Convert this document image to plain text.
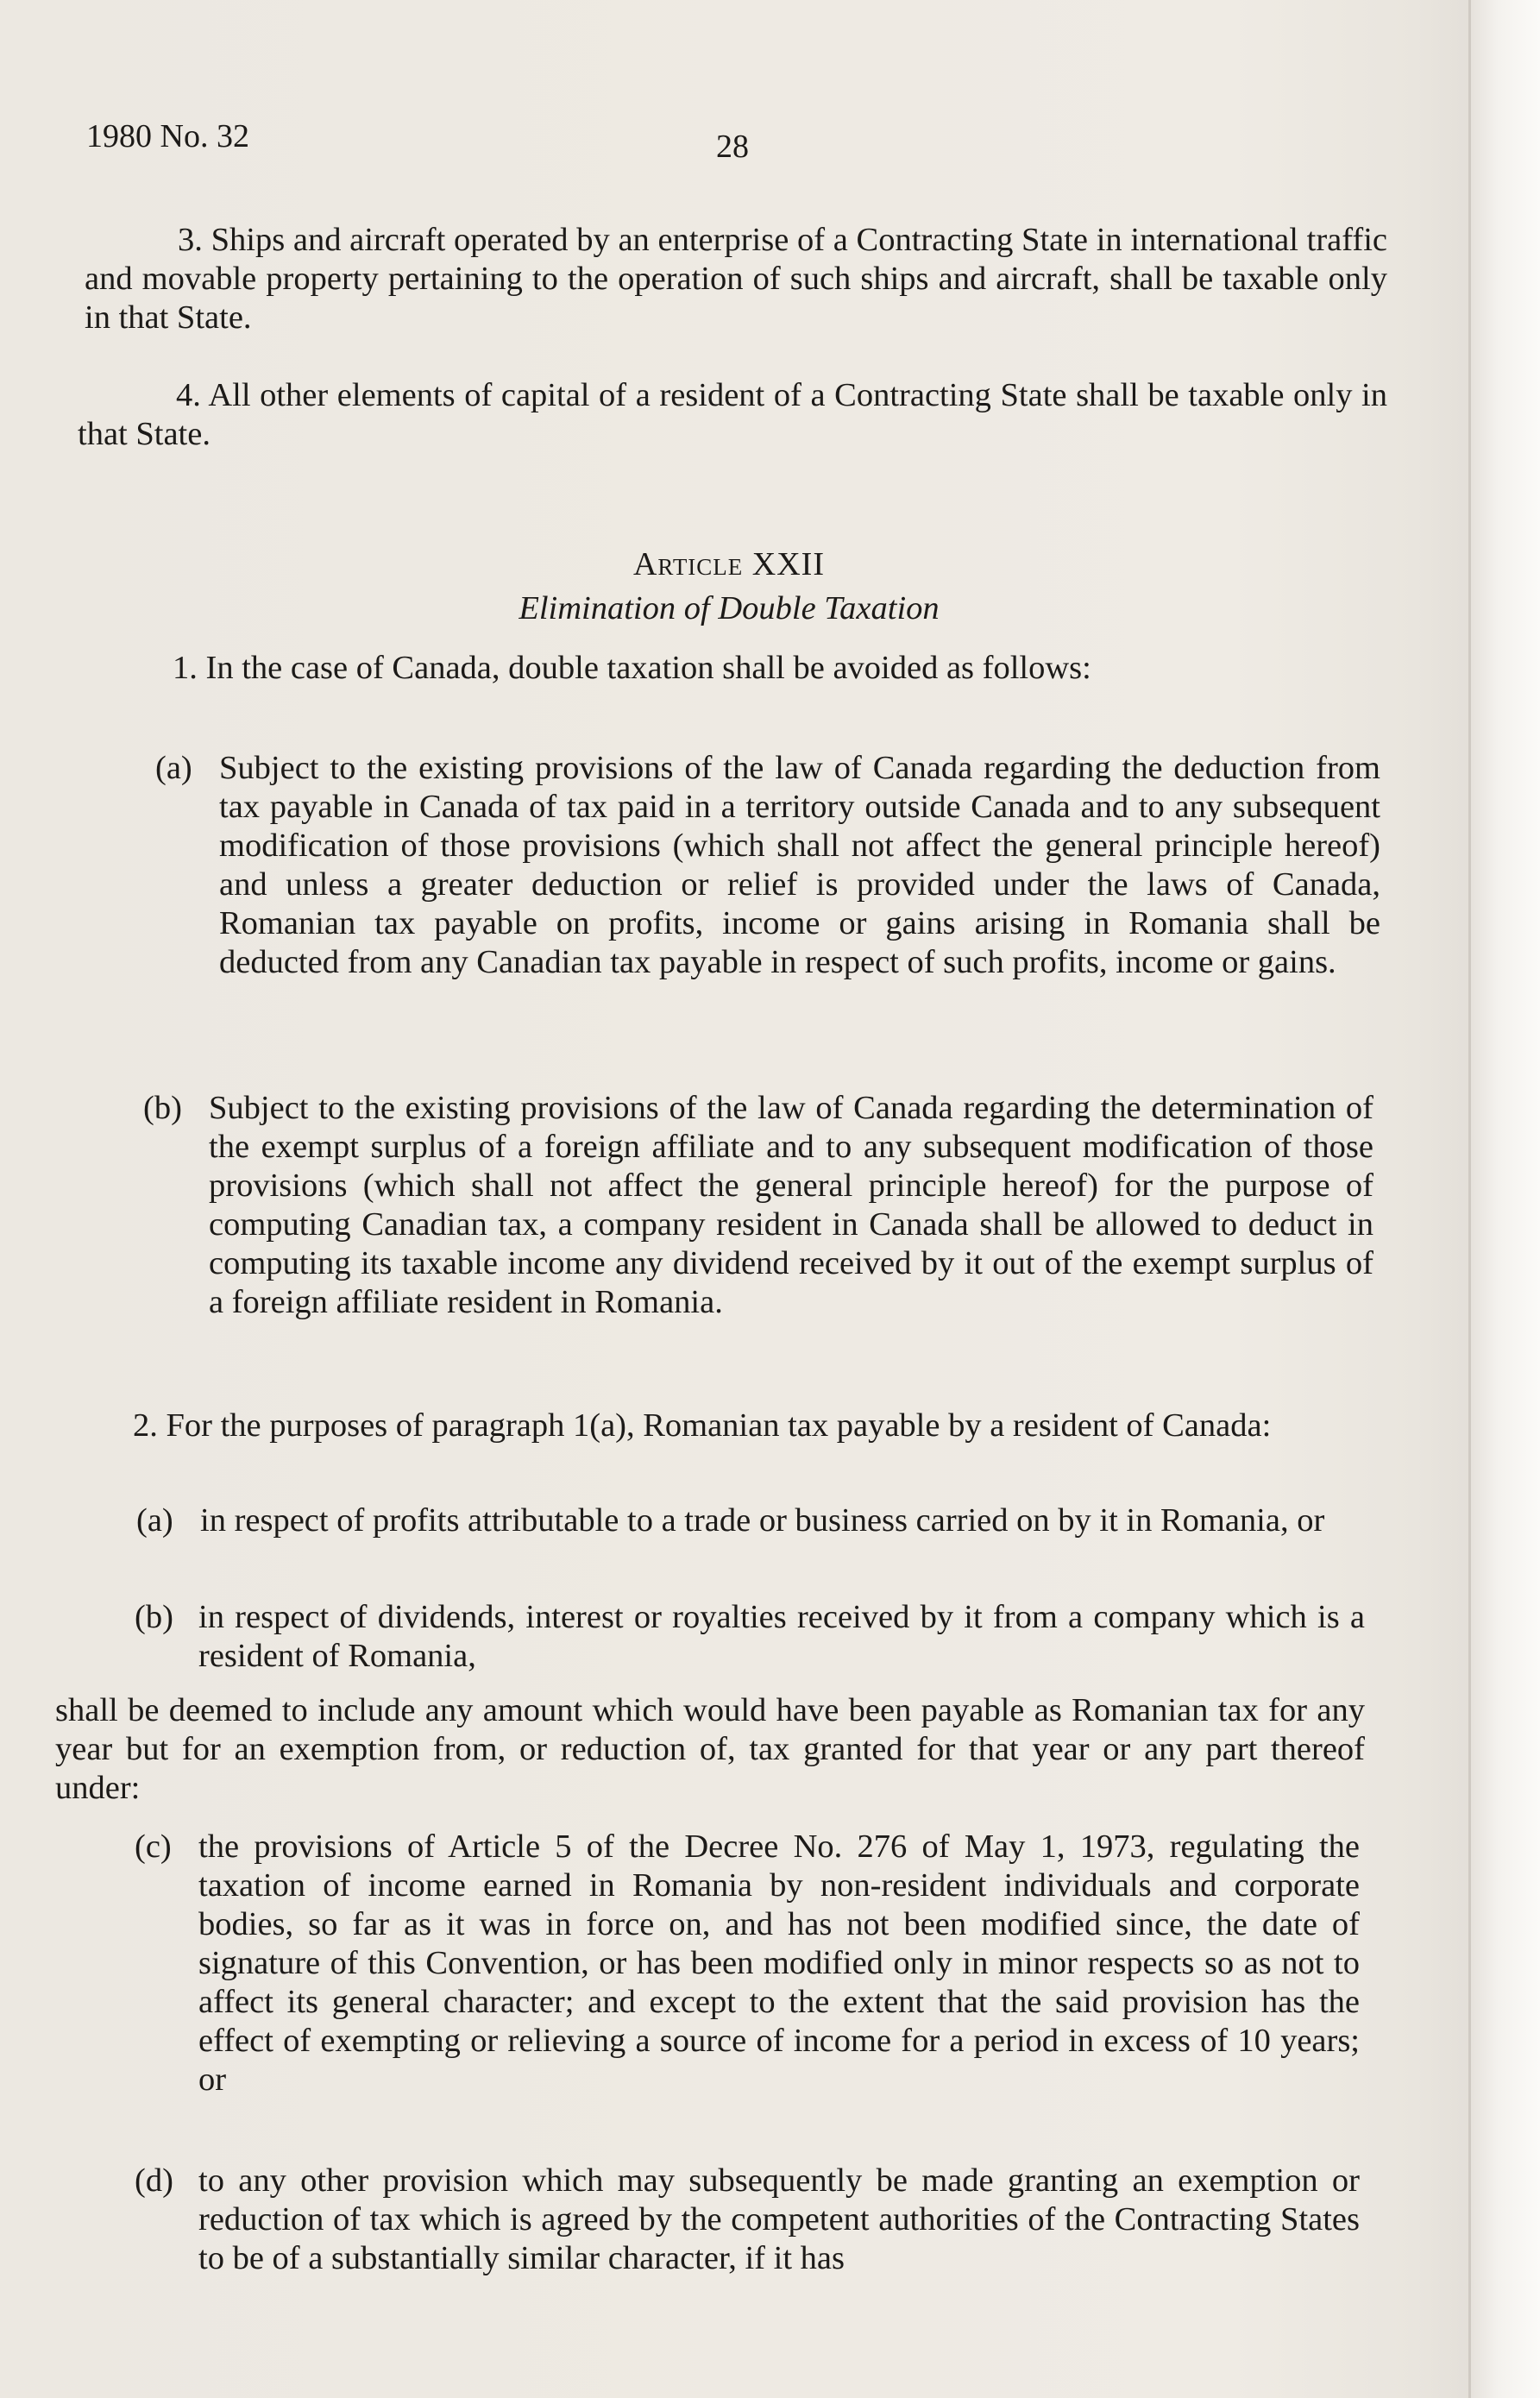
1980 No. 32	28

3. Ships and aircraft operated by an enterprise of a Contracting State in international traffic and movable property pertaining to the operation of such ships and aircraft, shall be taxable only in that State.

4. All other elements of capital of a resident of a Contracting State shall be taxable only in that State.

Article XXII
Elimination of Double Taxation

1. In the case of Canada, double taxation shall be avoided as follows:

(a) Subject to the existing provisions of the law of Canada regarding the deduction from tax payable in Canada of tax paid in a territory outside Canada and to any subsequent modification of those provisions (which shall not affect the general principle hereof) and unless a greater deduction or relief is provided under the laws of Canada, Romanian tax payable on profits, income or gains arising in Romania shall be deducted from any Canadian tax payable in respect of such profits, income or gains.
(b) Subject to the existing provisions of the law of Canada regarding the determination of the exempt surplus of a foreign affiliate and to any subsequent modification of those provisions (which shall not affect the general principle hereof) for the purpose of computing Canadian tax, a company resident in Canada shall be allowed to deduct in computing its taxable income any dividend received by it out of the exempt surplus of a foreign affiliate resident in Romania.

2. For the purposes of paragraph 1(a), Romanian tax payable by a resident of Canada:

(a) in respect of profits attributable to a trade or business carried on by it in Romania, or
(b) in respect of dividends, interest or royalties received by it from a company which is a resident of Romania,

shall be deemed to include any amount which would have been payable as Romanian tax for any year but for an exemption from, or reduction of, tax granted for that year or any part thereof under:

(c) the provisions of Article 5 of the Decree No. 276 of May 1, 1973, regulating the taxation of income earned in Romania by non-resident individuals and corporate bodies, so far as it was in force on, and has not been modified since, the date of signature of this Convention, or has been modified only in minor respects so as not to affect its general character; and except to the extent that the said provision has the effect of exempting or relieving a source of income for a period in excess of 10 years; or
(d) to any other provision which may subsequently be made granting an exemption or reduction of tax which is agreed by the competent authorities of the Contracting States to be of a substantially similar character, if it has
